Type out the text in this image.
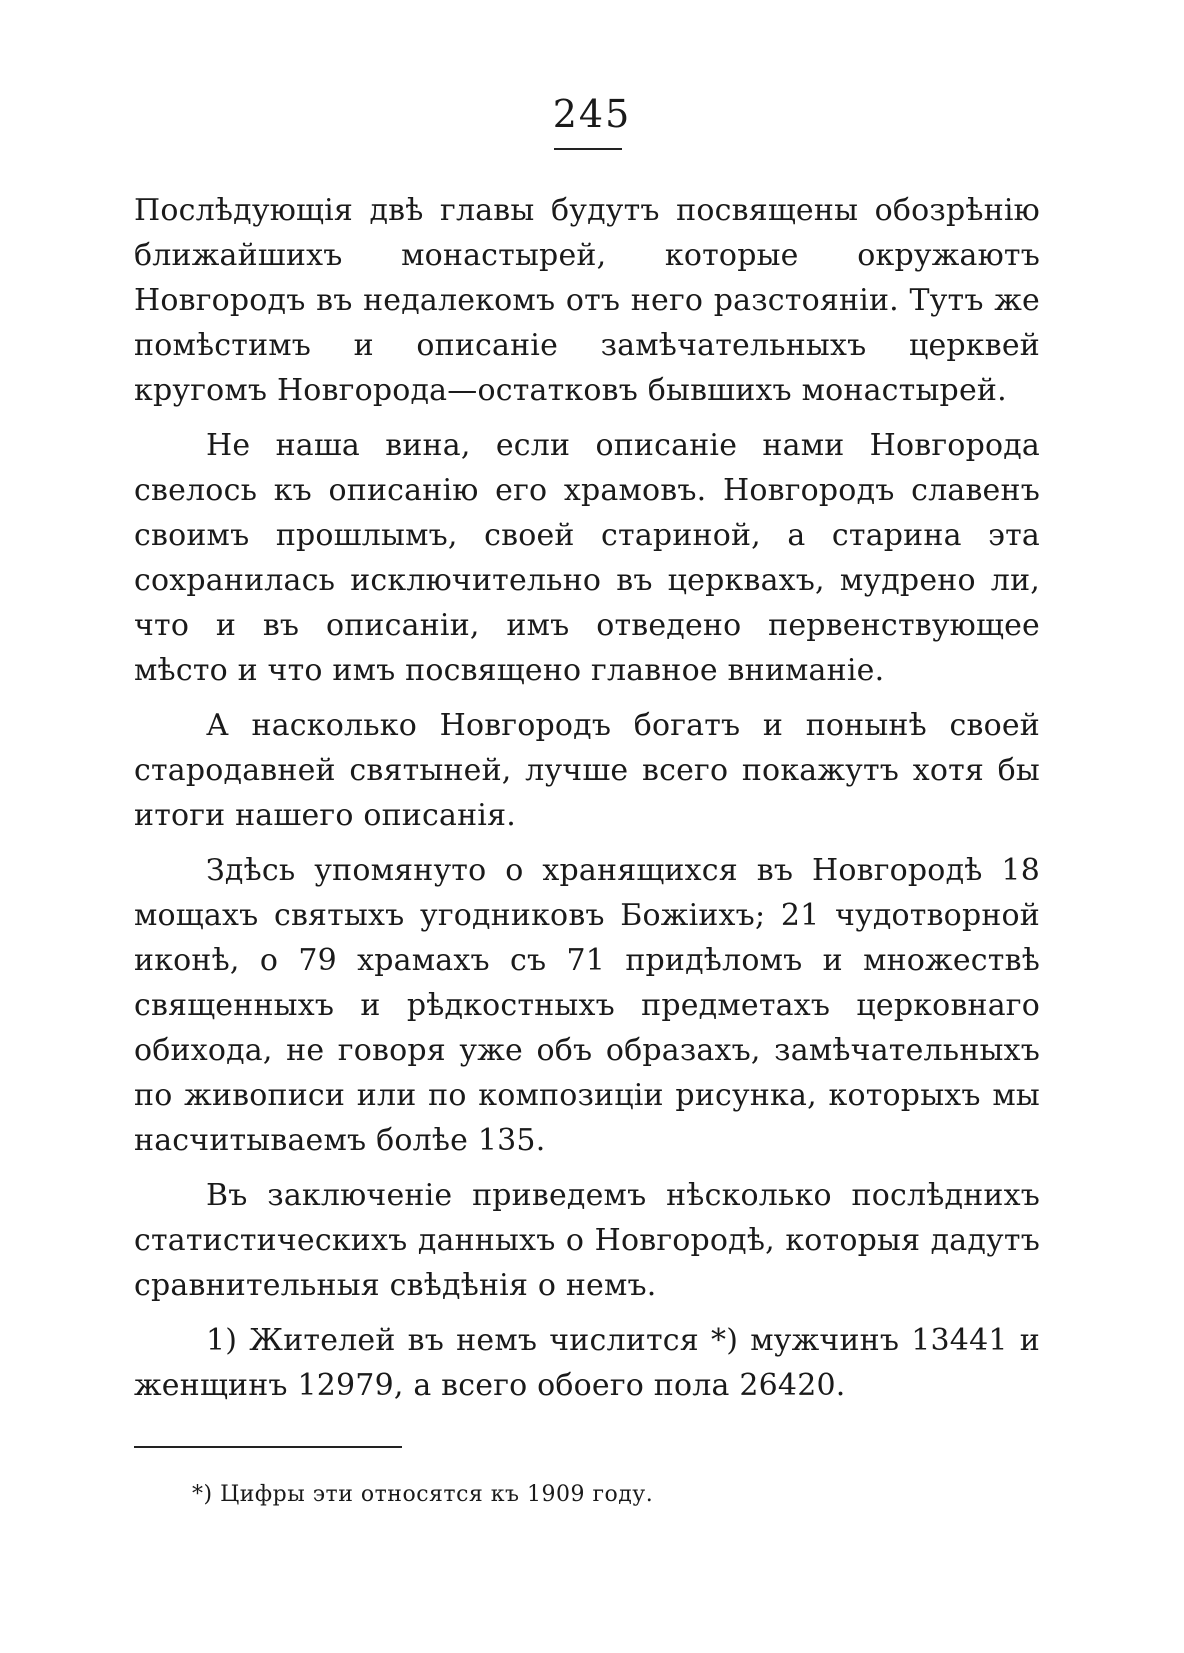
245

Послѣдующія двѣ главы будутъ посвящены обозрѣнію ближайшихъ монастырей, которые окружаютъ Новгородъ въ недалекомъ отъ него разстояніи. Тутъ же помѣстимъ и описаніе замѣчательныхъ церквей кругомъ Новгорода—остатковъ бывшихъ монастырей.

Не наша вина, если описаніе нами Новгорода свелось къ описанію его храмовъ. Новгородъ славенъ своимъ прошлымъ, своей стариной, а старина эта сохранилась исключительно въ церквахъ, мудрено ли, что и въ описаніи, имъ отведено первенствующее мѣсто и что имъ посвящено главное вниманіе.

А насколько Новгородъ богатъ и понынѣ своей стародавней святыней, лучше всего покажутъ хотя бы итоги нашего описанія.

Здѣсь упомянуто о хранящихся въ Новгородѣ 18 мощахъ святыхъ угодниковъ Божіихъ; 21 чудотворной иконѣ, о 79 храмахъ съ 71 придѣломъ и множествѣ священныхъ и рѣдкостныхъ предметахъ церковнаго обихода, не говоря уже объ образахъ, замѣчательныхъ по живописи или по композиціи рисунка, которыхъ мы насчитываемъ болѣе 135.

Въ заключеніе приведемъ нѣсколько послѣднихъ статистическихъ данныхъ о Новгородѣ, которыя дадутъ сравнительныя свѣдѣнія о немъ.

1) Жителей въ немъ числится *) мужчинъ 13441 и женщинъ 12979, а всего обоего пола 26420.

*) Цифры эти относятся къ 1909 году.
